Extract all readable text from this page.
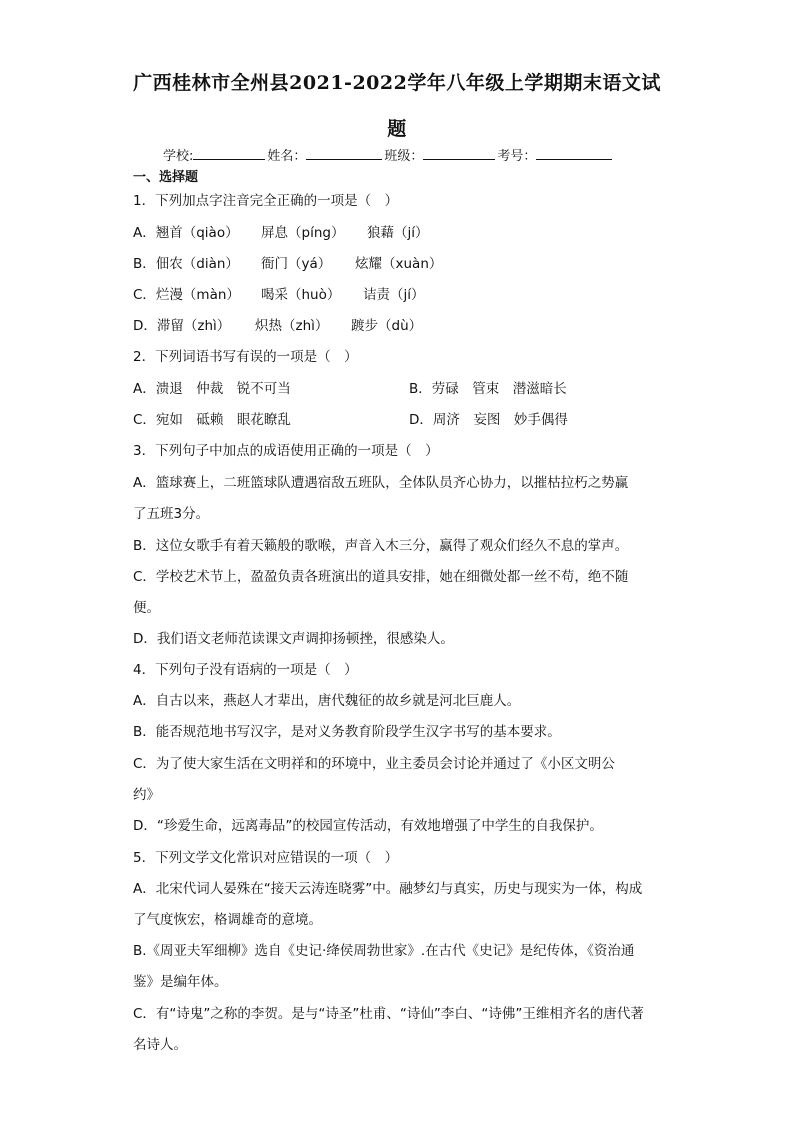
广西桂林市全州县2021-2022学年八年级上学期期末语文试
题
学校:	姓名：	班级：	考号：
一、选择题
1．下列加点字注音完全正确的一项是（　）
A．翘首（qiào） 屏息（píng） 狼藉（jí）
B．佃农（diàn） 衙门（yá） 炫耀（xuàn）
C．烂漫（màn） 喝采（huò） 诘责（jí）
D．滞留（zhì） 炽热（zhì） 踱步（dù）
2．下列词语书写有误的一项是（　）
A．溃退　仲裁　锐不可当	B．劳碌　管束　潜滋暗长
C．宛如　砥赖　眼花瞭乱	D．周济　妄图　妙手偶得
3．下列句子中加点的成语使用正确的一项是（　）
A．篮球赛上，二班篮球队遭遇宿敌五班队，全体队员齐心协力，以摧枯拉朽之势赢
了五班3分。
B．这位女歌手有着天籁般的歌喉，声音入木三分，赢得了观众们经久不息的掌声。
C．学校艺术节上，盈盈负责各班演出的道具安排，她在细微处都一丝不苟，绝不随
便。
D．我们语文老师范读课文声调抑扬顿挫，很感染人。
4．下列句子没有语病的一项是（　）
A．自古以来，燕赵人才辈出，唐代魏征的故乡就是河北巨鹿人。
B．能否规范地书写汉字，是对义务教育阶段学生汉字书写的基本要求。
C．为了使大家生活在文明祥和的环境中，业主委员会讨论并通过了《小区文明公
约》
D．“珍爱生命，远离毒品”的校园宣传活动，有效地增强了中学生的自我保护。
5．下列文学文化常识对应错误的一项（　）
A．北宋代词人晏殊在“接天云涛连晓雾”中。融梦幻与真实，历史与现实为一体，构成
了气度恢宏，格调雄奇的意境。
B.《周亚夫军细柳》选自《史记·绛侯周勃世家》.在古代《史记》是纪传体，《资治通
鉴》是编年体。
C．有“诗鬼”之称的李贺。是与“诗圣”杜甫、“诗仙”李白、“诗佛”王维相齐名的唐代著
名诗人。
